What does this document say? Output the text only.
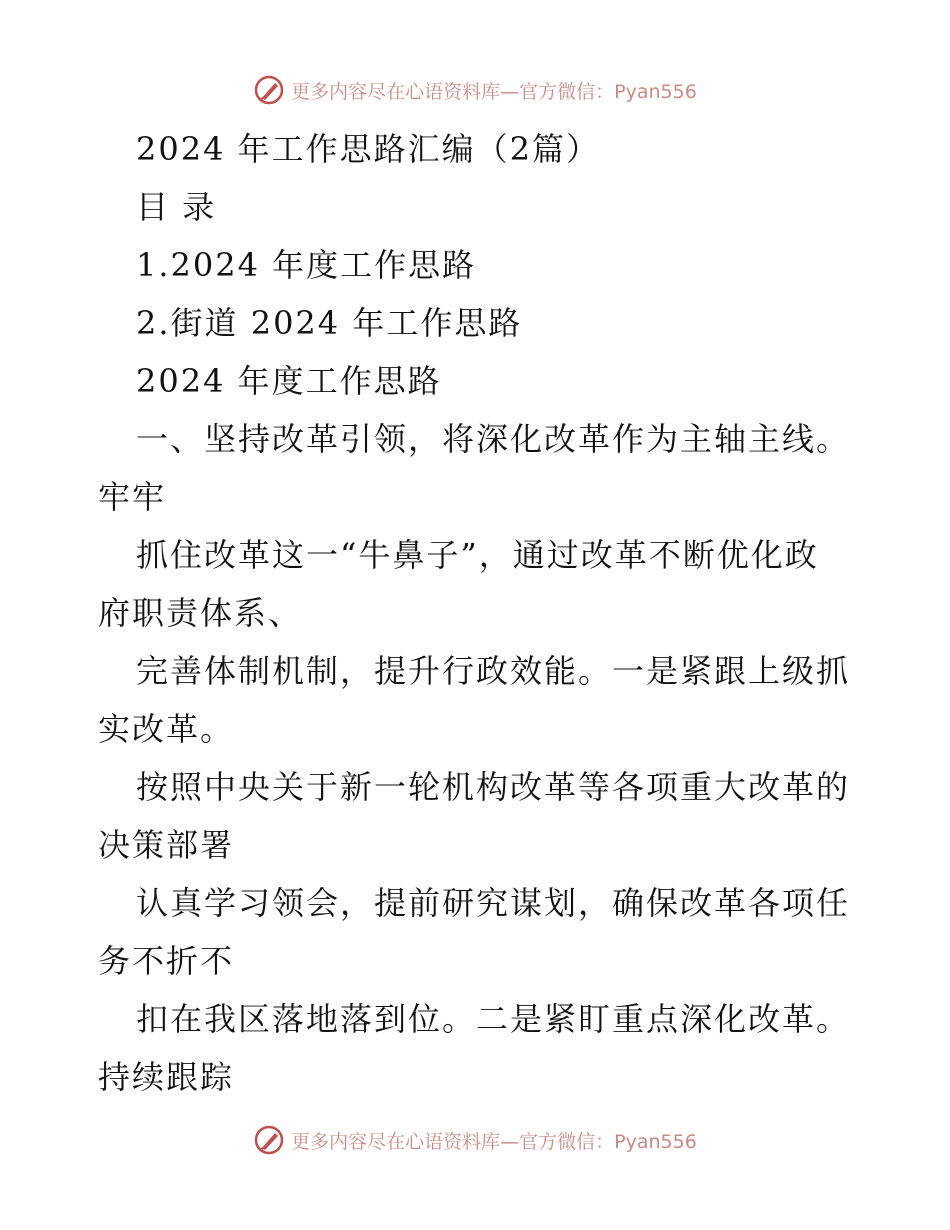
更多内容尽在心语资料库—官方微信：Pyan556
2024 年工作思路汇编（2篇）
目 录
1.2024 年度工作思路
2.街道 2024 年工作思路
2024 年度工作思路
一、坚持改革引领，将深化改革作为主轴主线。
牢牢
抓住改革这一“牛鼻子”，通过改革不断优化政
府职责体系、
完善体制机制，提升行政效能。一是紧跟上级抓
实改革。
按照中央关于新一轮机构改革等各项重大改革的
决策部署
认真学习领会，提前研究谋划，确保改革各项任
务不折不
扣在我区落地落到位。二是紧盯重点深化改革。
持续跟踪
更多内容尽在心语资料库—官方微信：Pyan556
